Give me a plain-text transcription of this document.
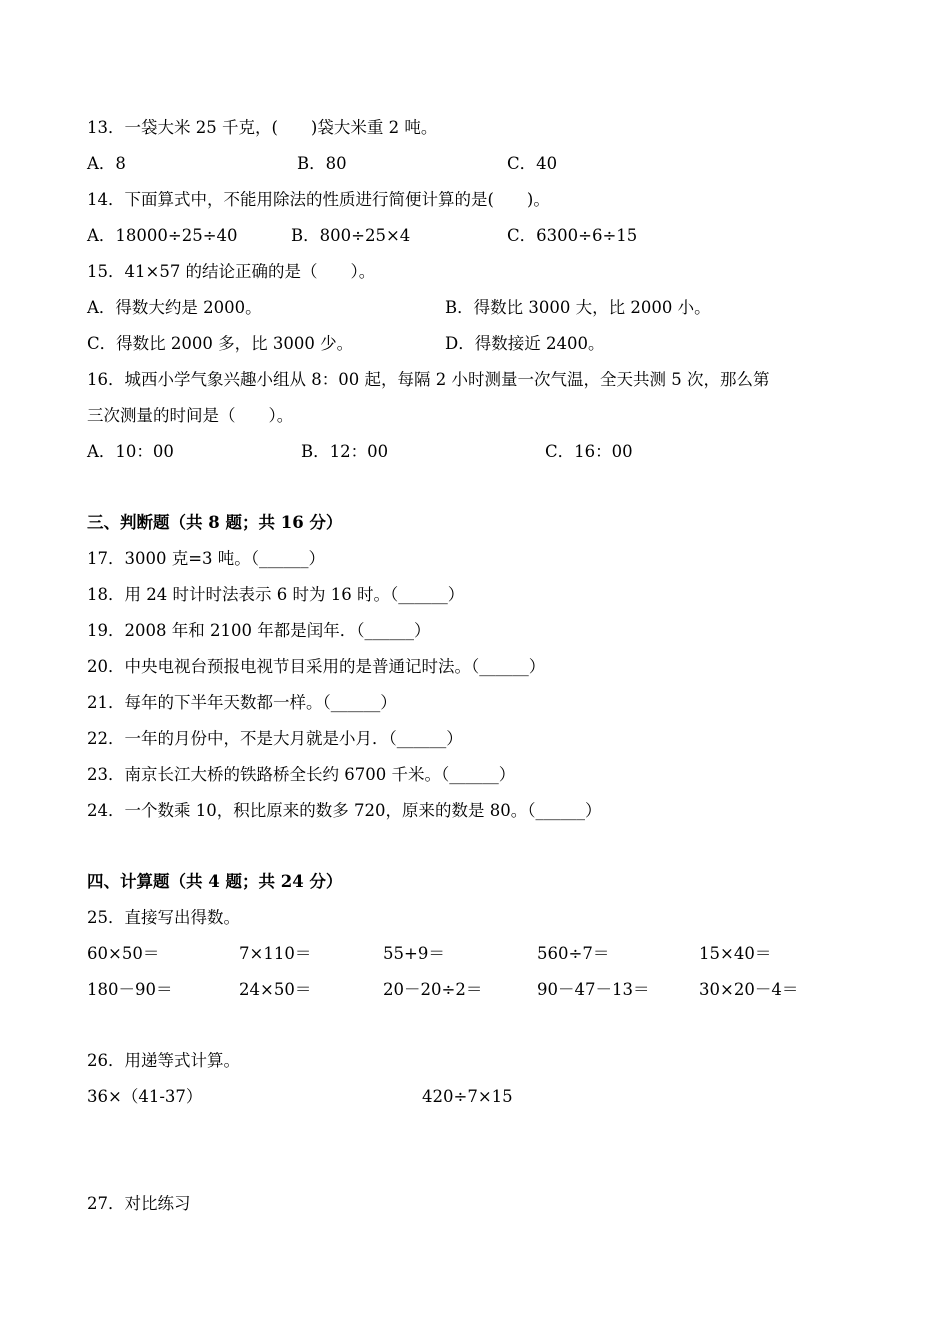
13．一袋大米 25 千克，(　　)袋大米重 2 吨。
A．8	B．80	C．40
14．下面算式中，不能用除法的性质进行简便计算的是(　　)。
A．18000÷25÷40	B．800÷25×4	C．6300÷6÷15
15．41×57 的结论正确的是（　　）。
A．得数大约是 2000。	B．得数比 3000 大，比 2000 小。
C．得数比 2000 多，比 3000 少。	D．得数接近 2400。
16．城西小学气象兴趣小组从 8：00 起，每隔 2 小时测量一次气温，全天共测 5 次，那么第
三次测量的时间是（　　）。
A．10：00	B．12：00	C．16：00
三、判断题（共 8 题；共 16 分）
17．3000 克=3 吨。（______）
18．用 24 时计时法表示 6 时为 16 时。（______）
19．2008 年和 2100 年都是闰年．（______）
20．中央电视台预报电视节目采用的是普通记时法。（______）
21．每年的下半年天数都一样。（______）
22．一年的月份中，不是大月就是小月．（______）
23．南京长江大桥的铁路桥全长约 6700 千米。（______）
24．一个数乘 10，积比原来的数多 720，原来的数是 80。（______）
四、计算题（共 4 题；共 24 分）
25．直接写出得数。
60×50＝	7×110＝	55+9＝	560÷7＝	15×40＝
180－90＝	24×50＝	20－20÷2＝	90－47－13＝	30×20－4＝
26．用递等式计算。
36×（41-37）	420÷7×15
27．对比练习
